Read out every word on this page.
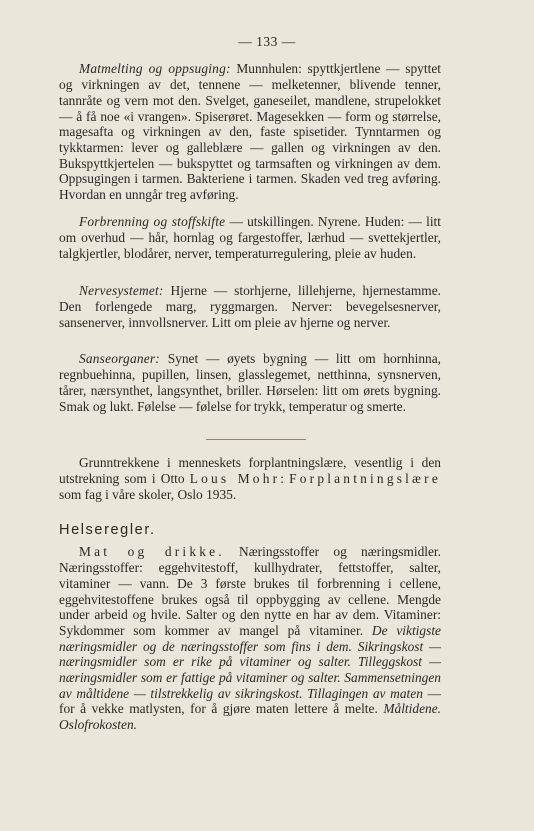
— 133 —

Matmelting og oppsuging: Munnhulen: spyttkjertlene — spyttet og virkningen av det, tennene — melketenner, blivende tenner, tannråte og vern mot den. Svelget, ganeseilet, mandlene, strupelokket — å få noe «i vrangen». Spiserøret. Magesekken — form og størrelse, magesafta og virkningen av den, faste spisetider. Tynntarmen og tykktarmen: lever og galleblære — gallen og virkningen av den. Bukspyttkjertelen — bukspyttet og tarmsaften og virkningen av dem. Oppsugingen i tarmen. Bakteriene i tarmen. Skaden ved treg avføring. Hvordan en unngår treg avføring.

Forbrenning og stoffskifte — utskillingen. Nyrene. Huden: — litt om overhud — hår, hornlag og fargestoffer, lærhud — svettekjertler, talgkjertler, blodårer, nerver, temperaturregulering, pleie av huden.

Nervesystemet: Hjerne — storhjerne, lillehjerne, hjernestamme. Den forlengede marg, ryggmargen. Nerver: bevegelsesnerver, sansenerver, innvollsnerver. Litt om pleie av hjerne og nerver.

Sanseorganer: Synet — øyets bygning — litt om hornhinna, regnbuehinna, pupillen, linsen, glasslegemet, netthinna, synsnerven, tårer, nærsynthet, langsynthet, briller. Hørselen: litt om ørets bygning. Smak og lukt. Følelse — følelse for trykk, temperatur og smerte.

Grunntrekkene i menneskets forplantningslære, vesentlig i den utstrekning som i Otto Lous Mohr: Forplantningslære som fag i våre skoler, Oslo 1935.

Helseregler.

Mat og drikke. Næringsstoffer og næringsmidler. Næringsstoffer: eggehvitestoff, kullhydrater, fettstoffer, salter, vitaminer — vann. De 3 første brukes til forbrenning i cellene, eggehvitestoffene brukes også til oppbygging av cellene. Mengde under arbeid og hvile. Salter og den nytte en har av dem. Vitaminer: Sykdommer som kommer av mangel på vitaminer. De viktigste næringsmidler og de næringsstoffer som fins i dem. Sikringskost — næringsmidler som er rike på vitaminer og salter. Tilleggskost — næringsmidler som er fattige på vitaminer og salter. Sammensetningen av måltidene — tilstrekkelig av sikringskost. Tillagingen av maten — for å vekke matlysten, for å gjøre maten lettere å melte. Måltidene. Oslofrokosten.
